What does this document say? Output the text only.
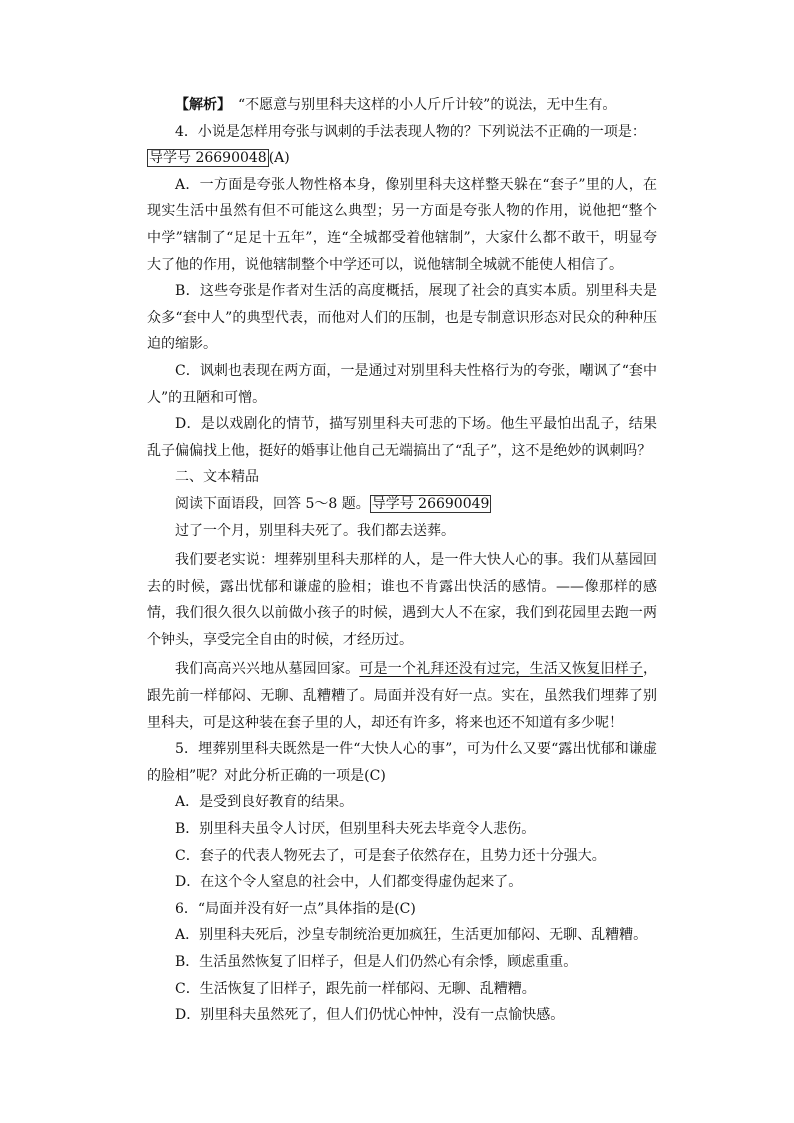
【解析】　 “不愿意与别里科夫这样的小人斤斤计较”的说法，无中生有。

4．小说是怎样用夸张与讽刺的手法表现人物的？下列说法不正确的一项是：

导学号 26690048 (A)

A．一方面是夸张人物性格本身，像别里科夫这样整天躲在“套子”里的人，在现实生活中虽然有但不可能这么典型；另一方面是夸张人物的作用，说他把“整个中学”辖制了“足足十五年”，连“全城都受着他辖制”，大家什么都不敢干，明显夸大了他的作用，说他辖制整个中学还可以，说他辖制全城就不能使人相信了。

B．这些夸张是作者对生活的高度概括，展现了社会的真实本质。别里科夫是众多“套中人”的典型代表，而他对人们的压制，也是专制意识形态对民众的种种压迫的缩影。

C．讽刺也表现在两方面，一是通过对别里科夫性格行为的夸张，嘲讽了“套中人”的丑陋和可憎。

D．是以戏剧化的情节，描写别里科夫可悲的下场。他生平最怕出乱子，结果乱子偏偏找上他，挺好的婚事让他自己无端搞出了“乱子”，这不是绝妙的讽刺吗？

二、文本精品

阅读下面语段，回答 5～8 题。 导学号 26690049

过了一个月，别里科夫死了。我们都去送葬。

我们要老实说：埋葬别里科夫那样的人，是一件大快人心的事。我们从墓园回去的时候，露出忧郁和谦虚的脸相；谁也不肯露出快活的感情。——像那样的感情，我们很久很久以前做小孩子的时候，遇到大人不在家，我们到花园里去跑一两个钟头，享受完全自由的时候，才经历过。

我们高高兴兴地从墓园回家。可是一个礼拜还没有过完，生活又恢复旧样子，跟先前一样郁闷、无聊、乱糟糟了。局面并没有好一点。实在，虽然我们埋葬了别里科夫，可是这种装在套子里的人，却还有许多，将来也还不知道有多少呢！

5．埋葬别里科夫既然是一件“大快人心的事”，可为什么又要“露出忧郁和谦虚的脸相”呢？对此分析正确的一项是(C)

A．是受到良好教育的结果。

B．别里科夫虽令人讨厌，但别里科夫死去毕竟令人悲伤。

C．套子的代表人物死去了，可是套子依然存在，且势力还十分强大。

D．在这个令人窒息的社会中，人们都变得虚伪起来了。

6．“局面并没有好一点”具体指的是(C)

A．别里科夫死后，沙皇专制统治更加疯狂，生活更加郁闷、无聊、乱糟糟。

B．生活虽然恢复了旧样子，但是人们仍然心有余悸，顾虑重重。

C．生活恢复了旧样子，跟先前一样郁闷、无聊、乱糟糟。

D．别里科夫虽然死了，但人们仍忧心忡忡，没有一点愉快感。
